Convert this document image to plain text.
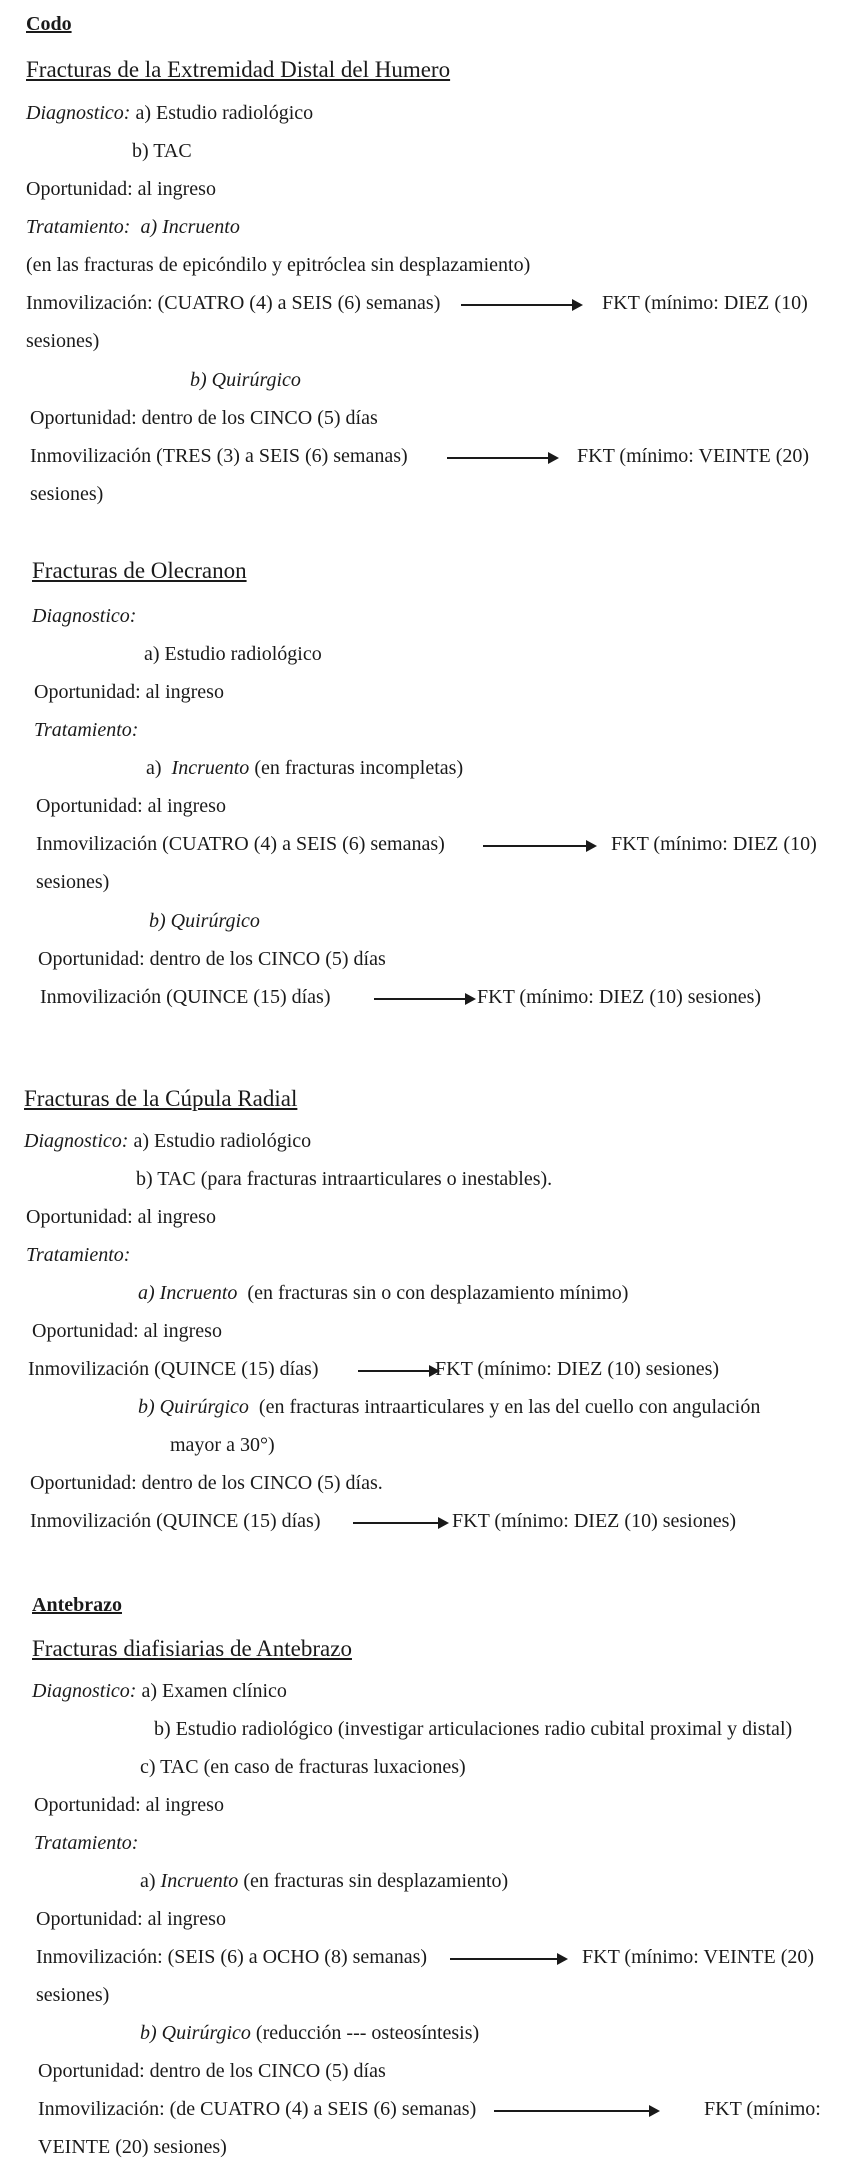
Codo
Fracturas de la Extremidad Distal del Humero
Diagnostico: a) Estudio radiológico
b) TAC
Oportunidad: al ingreso
Tratamiento: a) Incruento
(en las fracturas de epicóndilo y epitróclea sin desplazamiento)
Inmovilización: (CUATRO (4) a SEIS (6) semanas)	FKT (mínimo: DIEZ (10)
sesiones)
b) Quirúrgico
Oportunidad: dentro de los CINCO (5) días
Inmovilización (TRES (3) a SEIS (6) semanas)	FKT (mínimo: VEINTE (20)
sesiones)
Fracturas de Olecranon
Diagnostico:
a) Estudio radiológico
Oportunidad: al ingreso
Tratamiento:
a) Incruento (en fracturas incompletas)
Oportunidad: al ingreso
Inmovilización (CUATRO (4) a SEIS (6) semanas)	FKT (mínimo: DIEZ (10)
sesiones)
b) Quirúrgico
Oportunidad: dentro de los CINCO (5) días
Inmovilización (QUINCE (15) días)	FKT (mínimo: DIEZ (10) sesiones)
Fracturas de la Cúpula Radial
Diagnostico: a) Estudio radiológico
b) TAC (para fracturas intraarticulares o inestables).
Oportunidad: al ingreso
Tratamiento:
a) Incruento (en fracturas sin o con desplazamiento mínimo)
Oportunidad: al ingreso
Inmovilización (QUINCE (15) días)	FKT (mínimo: DIEZ (10) sesiones)
b) Quirúrgico (en fracturas intraarticulares y en las del cuello con angulación
mayor a 30°)
Oportunidad: dentro de los CINCO (5) días.
Inmovilización (QUINCE (15) días)	FKT (mínimo: DIEZ (10) sesiones)
Antebrazo
Fracturas diafisiarias de Antebrazo
Diagnostico: a) Examen clínico
b) Estudio radiológico (investigar articulaciones radio cubital proximal y distal)
c) TAC (en caso de fracturas luxaciones)
Oportunidad: al ingreso
Tratamiento:
a) Incruento (en fracturas sin desplazamiento)
Oportunidad: al ingreso
Inmovilización: (SEIS (6) a OCHO (8) semanas)	FKT (mínimo: VEINTE (20)
sesiones)
b) Quirúrgico (reducción --- osteosíntesis)
Oportunidad: dentro de los CINCO (5) días
Inmovilización: (de CUATRO (4) a SEIS (6) semanas)	FKT (mínimo:
VEINTE (20) sesiones)
